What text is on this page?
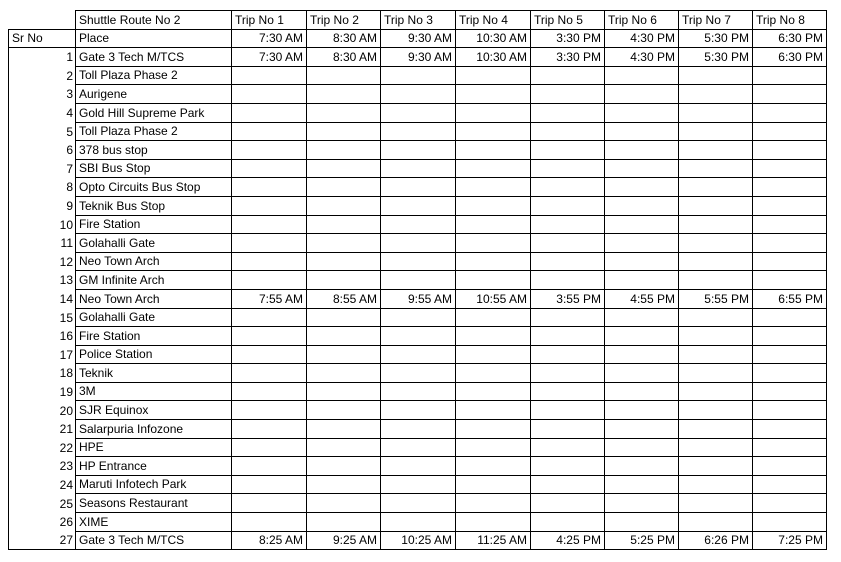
	Shuttle Route No 2	Trip No 1	Trip No 2	Trip No 3	Trip No 4	Trip No 5	Trip No 6	Trip No 7	Trip No 8
Sr No	Place	7:30 AM	8:30 AM	9:30 AM	10:30 AM	3:30 PM	4:30 PM	5:30 PM	6:30 PM
1	Gate 3 Tech M/TCS	7:30 AM	8:30 AM	9:30 AM	10:30 AM	3:30 PM	4:30 PM	5:30 PM	6:30 PM
2	Toll Plaza Phase 2								
3	Aurigene								
4	Gold Hill Supreme Park								
5	Toll Plaza Phase 2								
6	378 bus stop								
7	SBI Bus Stop								
8	Opto Circuits Bus Stop								
9	Teknik Bus Stop								
10	Fire Station								
11	Golahalli Gate								
12	Neo Town Arch								
13	GM Infinite Arch								
14	Neo Town Arch	7:55 AM	8:55 AM	9:55 AM	10:55 AM	3:55 PM	4:55 PM	5:55 PM	6:55 PM
15	Golahalli Gate								
16	Fire Station								
17	Police Station								
18	Teknik								
19	3M								
20	SJR Equinox								
21	Salarpuria Infozone								
22	HPE								
23	HP Entrance								
24	Maruti Infotech Park								
25	Seasons Restaurant								
26	XIME								
27	Gate 3 Tech M/TCS	8:25 AM	9:25 AM	10:25 AM	11:25 AM	4:25 PM	5:25 PM	6:26 PM	7:25 PM
